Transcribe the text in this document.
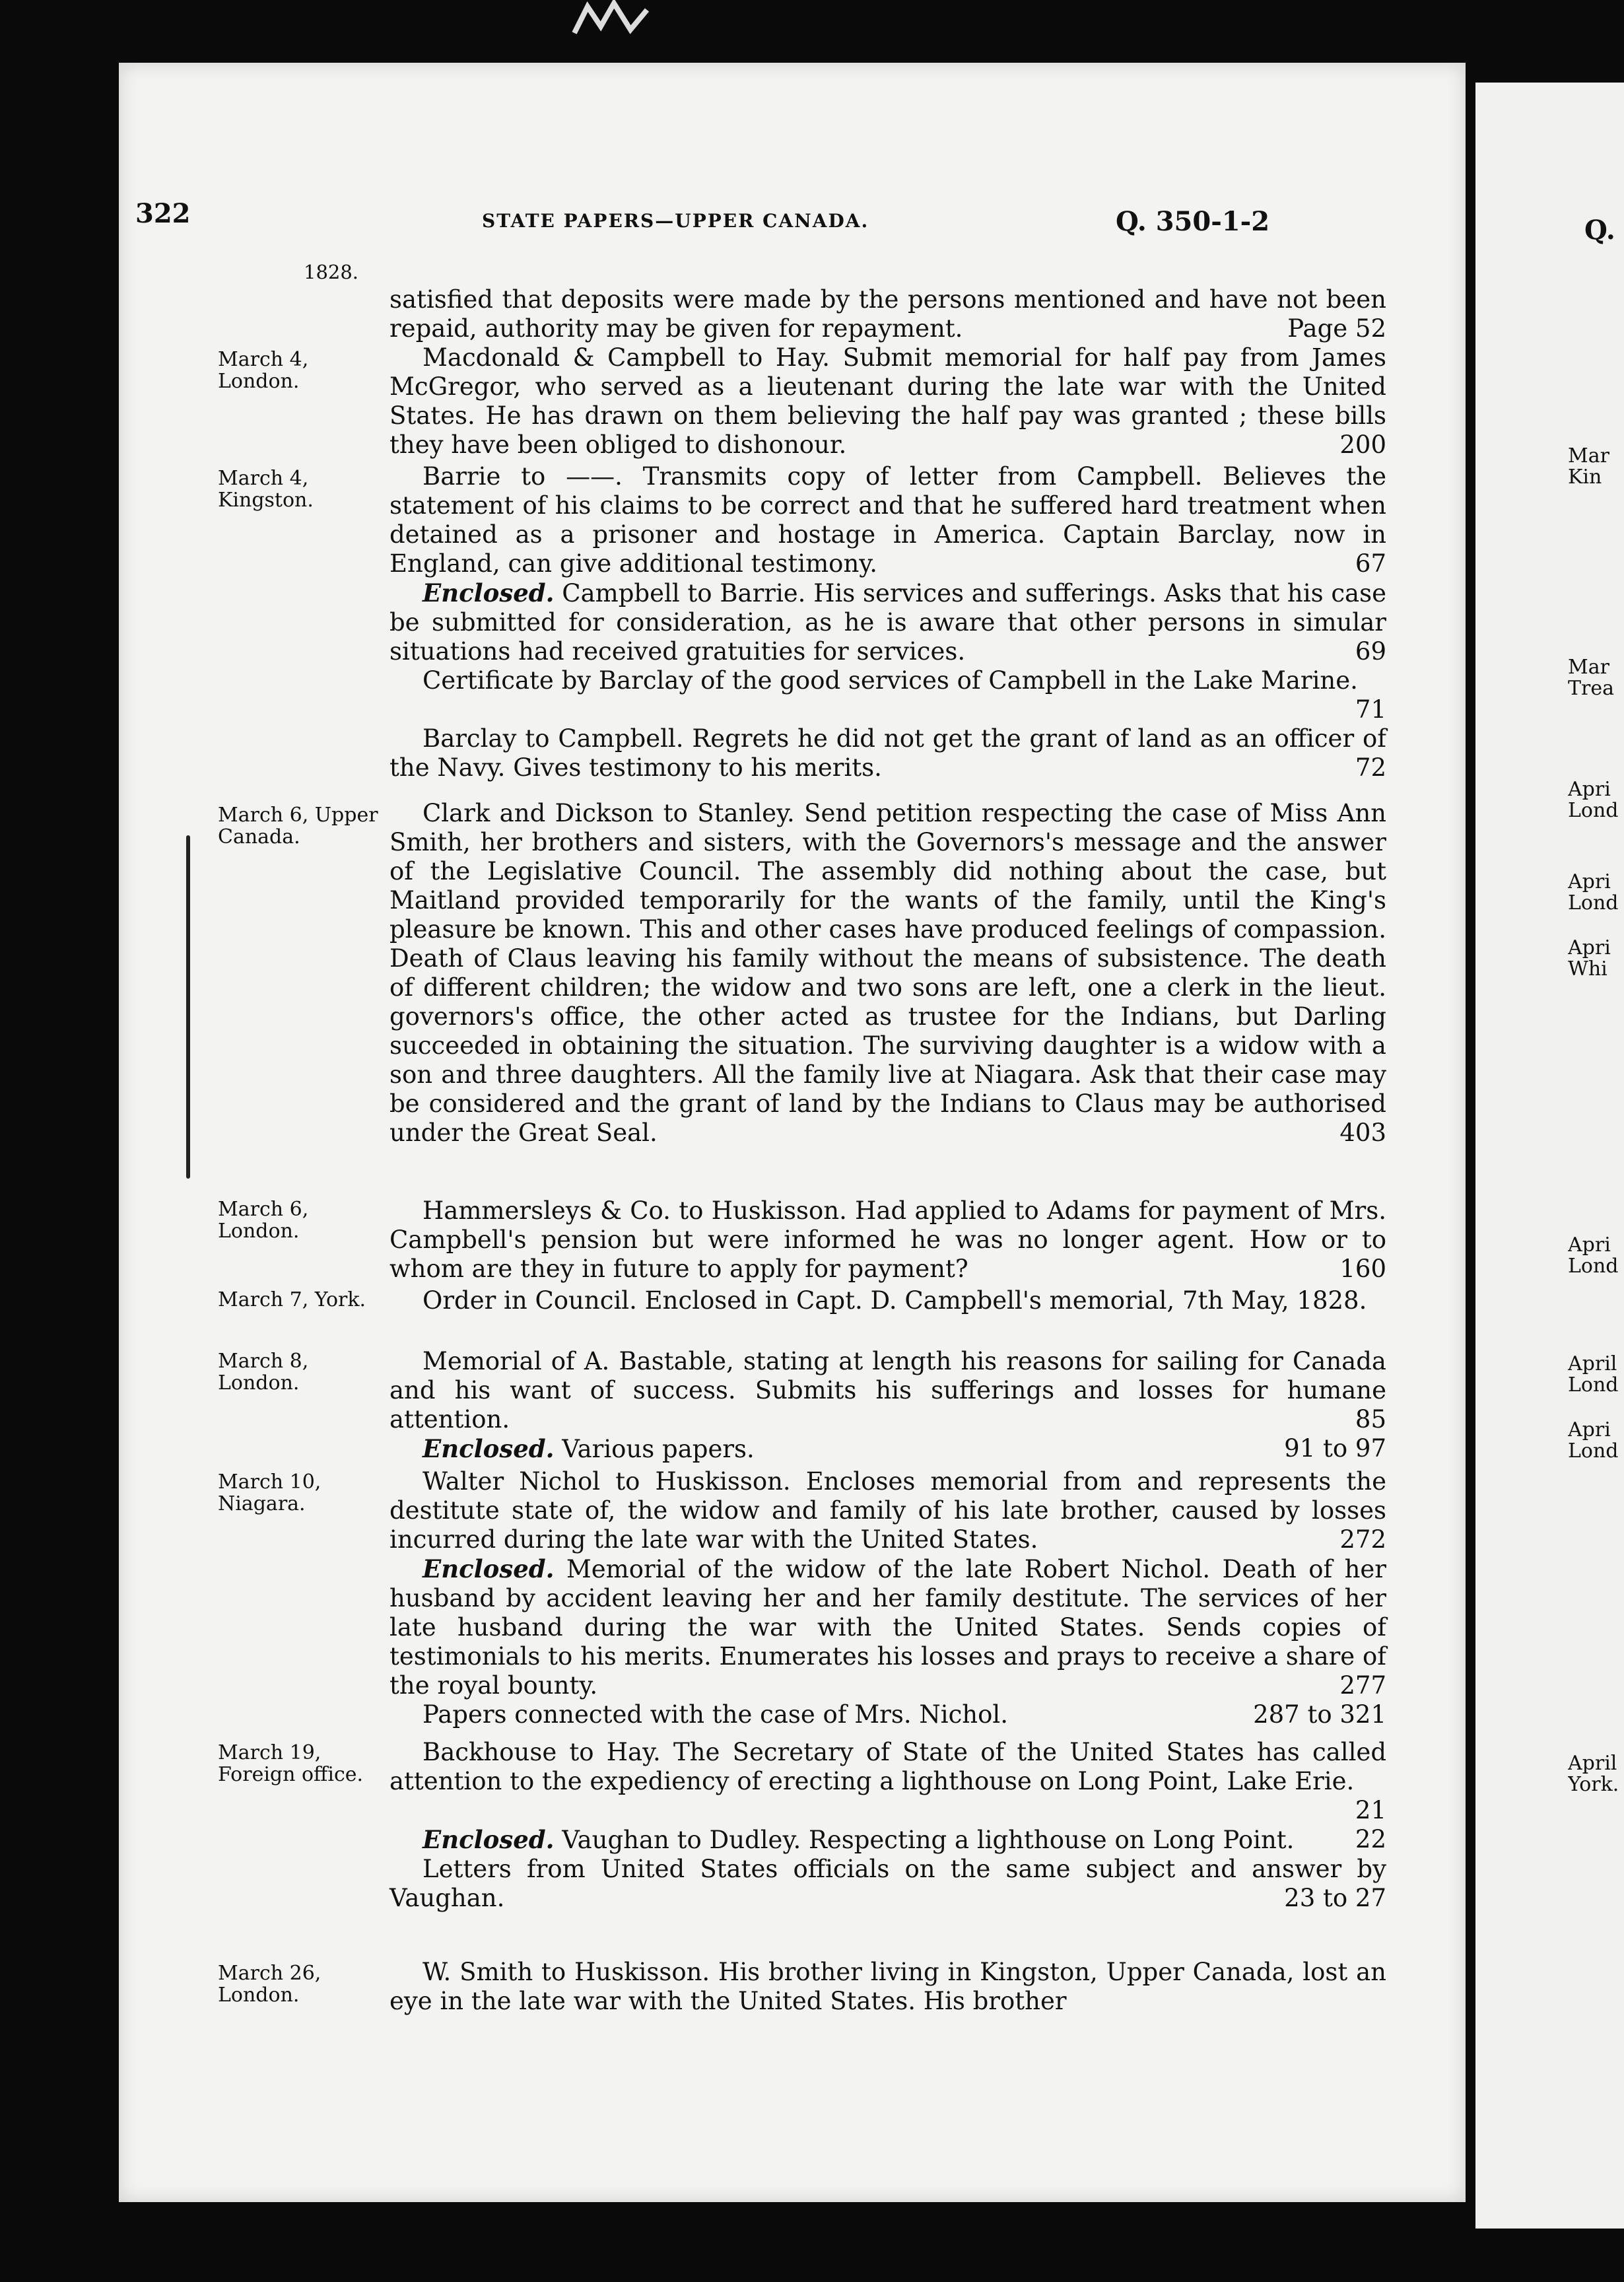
Q.
Mar
Kin
Mar
Trea
Apri
Lond
Apri
Lond
Apri
Whi
Apri
Lond
April
Lond
Apri
Lond
April
York.
322	STATE PAPERS—UPPER CANADA.	Q. 350-1-2
1828.

satisfied that deposits were made by the persons mentioned and have not been repaid, authority may be given for repayment.	Page 52

March 4, London.

Macdonald & Campbell to Hay. Submit memorial for half pay from James McGregor, who served as a lieutenant during the late war with the United States. He has drawn on them believing the half pay was granted ; these bills they have been obliged to dishonour.	200

March 4, Kingston.

Barrie to ——. Transmits copy of letter from Campbell. Believes the statement of his claims to be correct and that he suffered hard treatment when detained as a prisoner and hostage in America. Captain Barclay, now in England, can give additional testimony.	67

Enclosed. Campbell to Barrie. His services and sufferings. Asks that his case be submitted for consideration, as he is aware that other persons in simular situations had received gratuities for services.	69

Certificate by Barclay of the good services of Campbell in the Lake Marine.
71

Barclay to Campbell. Regrets he did not get the grant of land as an officer of the Navy. Gives testimony to his merits.	72

March 6, Upper Canada.

Clark and Dickson to Stanley. Send petition respecting the case of Miss Ann Smith, her brothers and sisters, with the Governors's message and the answer of the Legislative Council. The assembly did nothing about the case, but Maitland provided temporarily for the wants of the family, until the King's pleasure be known. This and other cases have produced feelings of compassion. Death of Claus leaving his family without the means of subsistence. The death of different children; the widow and two sons are left, one a clerk in the lieut. governors's office, the other acted as trustee for the Indians, but Darling succeeded in obtaining the situation. The surviving daughter is a widow with a son and three daughters. All the family live at Niagara. Ask that their case may be considered and the grant of land by the Indians to Claus may be authorised under the Great Seal.	403

March 6, London.

Hammersleys & Co. to Huskisson. Had applied to Adams for payment of Mrs. Campbell's pension but were informed he was no longer agent. How or to whom are they in future to apply for payment?	160

March 7, York.	Order in Council. Enclosed in Capt. D. Campbell's memorial, 7th May, 1828.

March 8, London.

Memorial of A. Bastable, stating at length his reasons for sailing for Canada and his want of success. Submits his sufferings and losses for humane attention.	85

Enclosed. Various papers.	91 to 97

March 10, Niagara.

Walter Nichol to Huskisson. Encloses memorial from and represents the destitute state of, the widow and family of his late brother, caused by losses incurred during the late war with the United States.	272

Enclosed. Memorial of the widow of the late Robert Nichol. Death of her husband by accident leaving her and her family destitute. The services of her late husband during the war with the United States. Sends copies of testimonials to his merits. Enumerates his losses and prays to receive a share of the royal bounty.	277

Papers connected with the case of Mrs. Nichol.	287 to 321

March 19, Foreign office.

Backhouse to Hay. The Secretary of State of the United States has called attention to the expediency of erecting a lighthouse on Long Point, Lake Erie.
21

Enclosed. Vaughan to Dudley. Respecting a lighthouse on Long Point.	22

Letters from United States officials on the same subject and answer by Vaughan.	23 to 27

March 26, London.

W. Smith to Huskisson. His brother living in Kingston, Upper Canada, lost an eye in the late war with the United States. His brother
